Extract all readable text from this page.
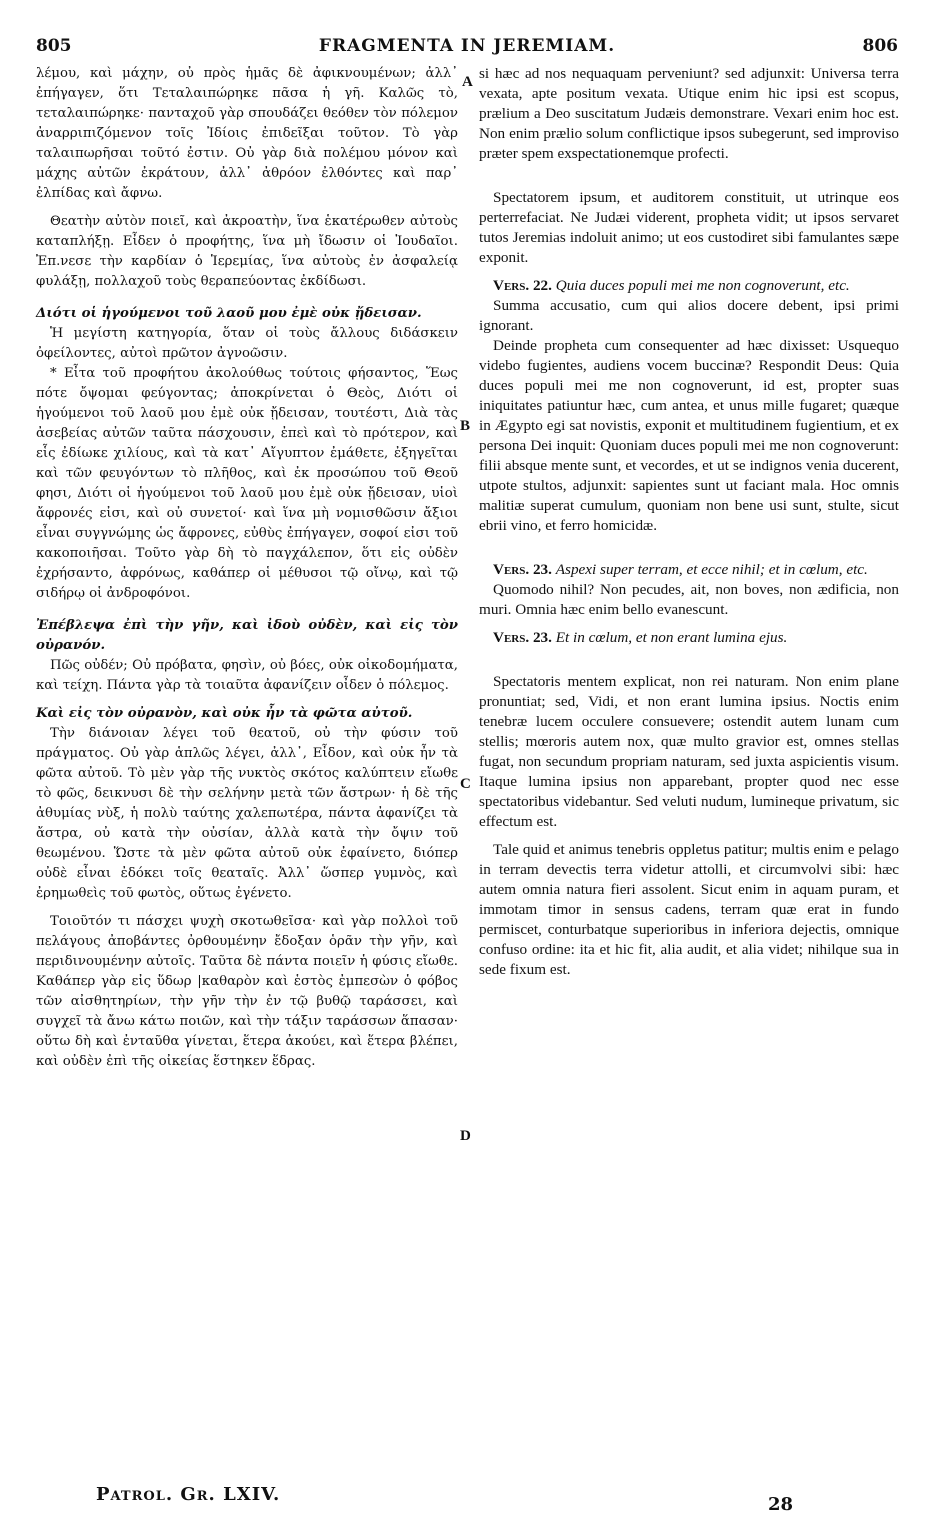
805	FRAGMENTA IN JEREMIAM.	806

λέμου, καὶ μάχην, οὐ πρὸς ἡμᾶς δὲ ἀφικνουμένων; ἀλλ᾽ ἐπήγαγεν, ὅτι Τεταλαιπώρηκε πᾶσα ἡ γῆ. Καλῶς τὸ, τεταλαιπώρηκε· πανταχοῦ γὰρ σπουδάζει θεόθεν τὸν πόλεμον ἀναρριπιζόμενον τοῖς Ἰδίοις ἐπιδεῖξαι τοῦτον. Τὸ γὰρ ταλαιπωρῆσαι τοῦτό ἐστιν. Οὐ γὰρ διὰ πολέμου μόνον καὶ μάχης αὐτῶν ἐκράτουν, ἀλλ᾽ ἀθρόον ἐλθόντες καὶ παρ᾽ ἐλπίδας καὶ ἄφνω.

Θεατὴν αὐτὸν ποιεῖ, καὶ ἀκροατὴν, ἵνα ἑκατέρωθεν αὐτοὺς καταπλήξῃ. Εἶδεν ὁ προφήτης, ἵνα μὴ ἴδωσιν οἱ Ἰουδαῖοι. Ἐπ.νεσε τὴν καρδίαν ὁ Ἱερεμίας, ἵνα αὐτοὺς ἐν ἀσφαλείᾳ φυλάξῃ, πολλαχοῦ τοὺς θεραπεύοντας ἐκδίδωσι.

Διότι οἱ ἡγούμενοι τοῦ λαοῦ μου ἐμὲ οὐκ ᾔδεισαν.

Ἡ μεγίστη κατηγορία, ὅταν οἱ τοὺς ἄλλους διδάσκειν ὀφείλοντες, αὐτοὶ πρῶτον ἀγνοῶσιν.

* Εἶτα τοῦ προφήτου ἀκολούθως τούτοις φήσαντος, Ἕως πότε ὄψομαι φεύγοντας; ἀποκρίνεται ὁ Θεὸς, Διότι οἱ ἡγούμενοι τοῦ λαοῦ μου ἐμὲ οὐκ ᾔδεισαν, τουτέστι, Διὰ τὰς ἀσεβείας αὐτῶν ταῦτα πάσχουσιν, ἐπεὶ καὶ τὸ πρότερον, καὶ εἷς ἐδίωκε χιλίους, καὶ τὰ κατ᾽ Αἴγυπτον ἐμάθετε, ἐξηγεῖται καὶ τῶν φευγόντων τὸ πλῆθος, καὶ ἐκ προσώπου τοῦ Θεοῦ φησι, Διότι οἱ ἡγούμενοι τοῦ λαοῦ μου ἐμὲ οὐκ ᾔδεισαν, υἱοὶ ἄφρονές εἰσι, καὶ οὐ συνετοί· καὶ ἵνα μὴ νομισθῶσιν ἄξιοι εἶναι συγγνώμης ὡς ἄφρονες, εὐθὺς ἐπήγαγεν, σοφοί εἰσι τοῦ κακοποιῆσαι. Τοῦτο γὰρ δὴ τὸ παγχάλεπον, ὅτι εἰς οὐδὲν ἐχρήσαντο, ἀφρόνως, καθάπερ οἱ μέθυσοι τῷ οἴνῳ, καὶ τῷ σιδήρῳ οἱ ἀνδροφόνοι.

Ἐπέβλεψα ἐπὶ τὴν γῆν, καὶ ἰδοὺ οὐδὲν, καὶ εἰς τὸν οὐρανόν.

Πῶς οὐδέν; Οὐ πρόβατα, φησὶν, οὐ βόες, οὐκ οἰκοδομήματα, καὶ τείχη. Πάντα γὰρ τὰ τοιαῦτα ἀφανίζειν οἶδεν ὁ πόλεμος.

Καὶ εἰς τὸν οὐρανὸν, καὶ οὐκ ἦν τὰ φῶτα αὐτοῦ.

Τὴν διάνοιαν λέγει τοῦ θεατοῦ, οὐ τὴν φύσιν τοῦ πράγματος. Οὐ γὰρ ἁπλῶς λέγει, ἀλλ᾽, Εἶδον, καὶ οὐκ ἦν τὰ φῶτα αὐτοῦ. Τὸ μὲν γὰρ τῆς νυκτὸς σκότος καλύπτειν εἴωθε τὸ φῶς, δεικνυσι δὲ τὴν σελήνην μετὰ τῶν ἄστρων· ἡ δὲ τῆς ἀθυμίας νὺξ, ἡ πολὺ ταύτης χαλεπωτέρα, πάντα ἀφανίζει τὰ ἄστρα, οὐ κατὰ τὴν οὐσίαν, ἀλλὰ κατὰ τὴν ὄψιν τοῦ θεωμένου. Ὥστε τὰ μὲν φῶτα αὐτοῦ οὐκ ἐφαίνετο, διόπερ οὐδὲ εἶναι ἐδόκει τοῖς θεαταῖς. Ἀλλ᾽ ὥσπερ γυμνὸς, καὶ ἐρημωθεὶς τοῦ φωτὸς, οὕτως ἐγένετο.

Τοιοῦτόν τι πάσχει ψυχὴ σκοτωθεῖσα· καὶ γὰρ πολλοὶ τοῦ πελάγους ἀποβάντες ὀρθουμένην ἔδοξαν ὁρᾶν τὴν γῆν, καὶ περιδινουμένην αὐτοῖς. Ταῦτα δὲ πάντα ποιεῖν ἡ φύσις εἴωθε. Καθάπερ γὰρ εἰς ὕδωρ |καθαρὸν καὶ ἑστὸς ἐμπεσὼν ὁ φόβος τῶν αἰσθητηρίων, τὴν γῆν τὴν ἐν τῷ βυθῷ ταράσσει, καὶ συγχεῖ τὰ ἄνω κάτω ποιῶν, καὶ τὴν τάξιν ταράσσων ἅπασαν· οὕτω δὴ καὶ ἐνταῦθα γίνεται, ἕτερα ἀκούει, καὶ ἕτερα βλέπει, καὶ οὐδὲν ἐπὶ τῆς οἰκείας ἕστηκεν ἕδρας.

si hæc ad nos nequaquam perveniunt? sed adjunxit: Universa terra vexata, apte positum vexata. Utique enim hic ipsi est scopus, prælium a Deo suscitatum Judæis demonstrare. Vexari enim hoc est. Non enim prælio solum conflictique ipsos subegerunt, sed improviso præter spem exspectationemque profecti.

Spectatorem ipsum, et auditorem constituit, ut utrinque eos perterrefaciat. Ne Judæi viderent, propheta vidit; ut ipsos servaret tutos Jeremias indoluit animo; ut eos custodiret sibi famulantes sæpe exponit.

Vers. 22. Quia duces populi mei me non cognoverunt, etc.

Summa accusatio, cum qui alios docere debent, ipsi primi ignorant.

Deinde propheta cum consequenter ad hæc dixisset: Usquequo videbo fugientes, audiens vocem buccinæ? Respondit Deus: Quia duces populi mei me non cognoverunt, id est, propter suas iniquitates patiuntur hæc, cum antea, et unus mille fugaret; quæque in Ægypto egi sat novistis, exponit et multitudinem fugientium, et ex persona Dei inquit: Quoniam duces populi mei me non cognoverunt: filii absque mente sunt, et vecordes, et ut se indignos venia ducerent, utpote stultos, adjunxit: sapientes sunt ut faciant mala. Hoc omnis malitiæ superat cumulum, quoniam non bene usi sunt, stulte, sicut ebrii vino, et ferro homicidæ.

Vers. 23. Aspexi super terram, et ecce nihil; et in cœlum, etc.

Quomodo nihil? Non pecudes, ait, non boves, non ædificia, non muri. Omnia hæc enim bello evanescunt.

Vers. 23. Et in cœlum, et non erant lumina ejus.

Spectatoris mentem explicat, non rei naturam. Non enim plane pronuntiat; sed, Vidi, et non erant lumina ipsius. Noctis enim tenebræ lucem occulere consuevere; ostendit autem lunam cum stellis; mœroris autem nox, quæ multo gravior est, omnes stellas fugat, non secundum propriam naturam, sed juxta aspicientis visum. Itaque lumina ipsius non apparebant, propter quod nec esse spectatoribus videbantur. Sed veluti nudum, lumineque privatum, sic effectum est.

Tale quid et animus tenebris oppletus patitur; multis enim e pelago in terram devectis terra videtur attolli, et circumvolvi sibi: hæc autem omnia natura fieri assolent. Sicut enim in aquam puram, et immotam timor in sensus cadens, terram quæ erat in fundo permiscet, conturbatque superioribus in inferiora dejectis, omnique confuso ordine: ita et hic fit, alia audit, et alia videt; nihilque sua in sede fixum est.

A
B
C
D
Patrol. Gr. LXIV.	28
